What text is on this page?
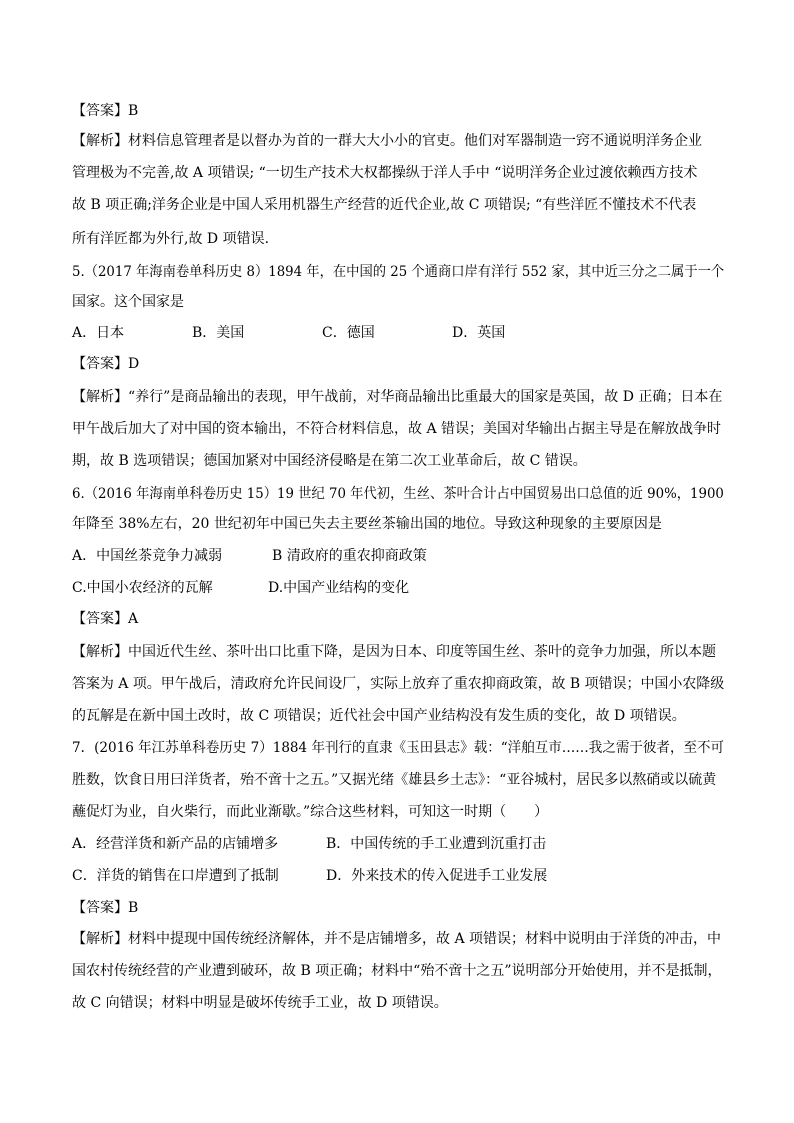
【答案】B
【解析】材料信息管理者是以督办为首的一群大大小小的官吏。他们对军器制造一窍不通说明洋务企业
管理极为不完善,故 A 项错误; “一切生产技术大权都操纵于洋人手中 “说明洋务企业过渡依赖西方技术
故 B 项正确;洋务企业是中国人采用机器生产经营的近代企业,故 C 项错误; “有些洋匠不懂技术不代表
所有洋匠都为外行,故 D 项错误.
5.（2017 年海南卷单科历史 8）1894 年，在中国的 25 个通商口岸有洋行 552 家，其中近三分之二属于一个
国家。这个国家是
A．日本	B．美国	C．德国	D．英国
【答案】D
【解析】“养行”是商品输出的表现，甲午战前，对华商品输出比重最大的国家是英国，故 D 正确；日本在
甲午战后加大了对中国的资本输出，不符合材料信息，故 A 错误；美国对华输出占据主导是在解放战争时
期，故 B 选项错误；德国加紧对中国经济侵略是在第二次工业革命后，故 C 错误。
6.（2016 年海南单科卷历史 15）19 世纪 70 年代初，生丝、茶叶合计占中国贸易出口总值的近 90%，1900
年降至 38%左右，20 世纪初年中国已失去主要丝茶输出国的地位。导致这种现象的主要原因是
A．中国丝茶竞争力减弱	B 清政府的重农抑商政策
C.中国小农经济的瓦解	D.中国产业结构的变化
【答案】A
【解析】中国近代生丝、茶叶出口比重下降，是因为日本、印度等国生丝、茶叶的竞争力加强，所以本题
答案为 A 项。甲午战后，清政府允许民间设厂，实际上放弃了重农抑商政策，故 B 项错误；中国小农降级
的瓦解是在新中国土改时，故 C 项错误；近代社会中国产业结构没有发生质的变化，故 D 项错误。
7．(2016 年江苏单科卷历史 7）1884 年刊行的直隶《玉田县志》载：“洋舶互市……我之需于彼者，至不可
胜数，饮食日用曰洋货者，殆不啻十之五。”又据光绪《雄县乡土志》：“亚谷城村，居民多以熬硝或以硫黄
蘸促灯为业，自火柴行，而此业渐歇。”综合这些材料，可知这一时期（　　）
A．经营洋货和新产品的店铺增多	B．中国传统的手工业遭到沉重打击
C．洋货的销售在口岸遭到了抵制	D．外来技术的传入促进手工业发展
【答案】B
【解析】材料中提现中国传统经济解体，并不是店铺增多，故 A 项错误；材料中说明由于洋货的冲击，中
国农村传统经营的产业遭到破环，故 B 项正确；材料中“殆不啻十之五”说明部分开始使用，并不是抵制，
故 C 向错误；材料中明显是破坏传统手工业，故 D 项错误。
